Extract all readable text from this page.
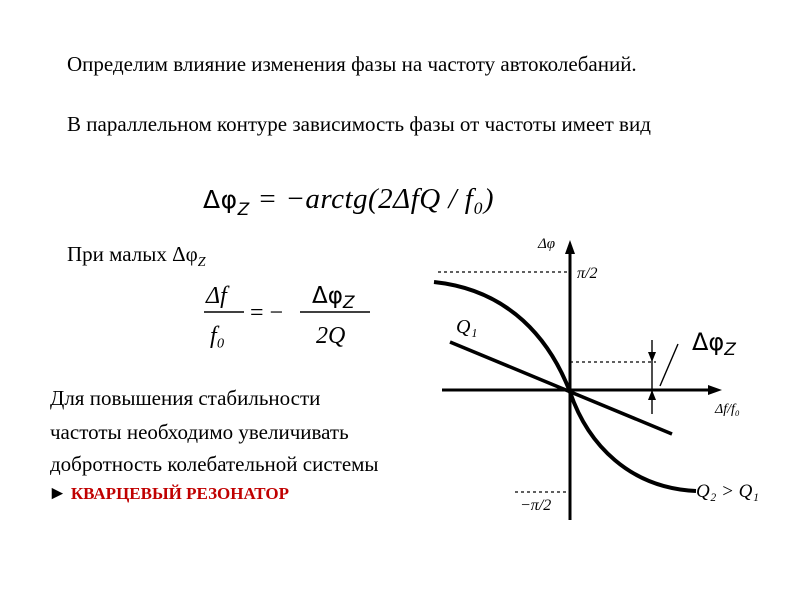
Определим влияние изменения фазы на частоту автоколебаний.
В параллельном контуре зависимость фазы от частоты имеет вид
$\Delta\varphi_Z$ = −arctg(2ΔfQ / f₀)
При малых $\Delta\varphi_Z$
Δf
f₀
= −
$\Delta\varphi_Z$
2Q
Для повышения стабильности
частоты необходимо увеличивать
добротность колебательной системы
► КВАРЦЕВЫЙ РЕЗОНАТОР
Δφ
π/2
−π/2
Δf/f₀
Q₁
Q₂ > Q₁
$\Delta\varphi_Z$
